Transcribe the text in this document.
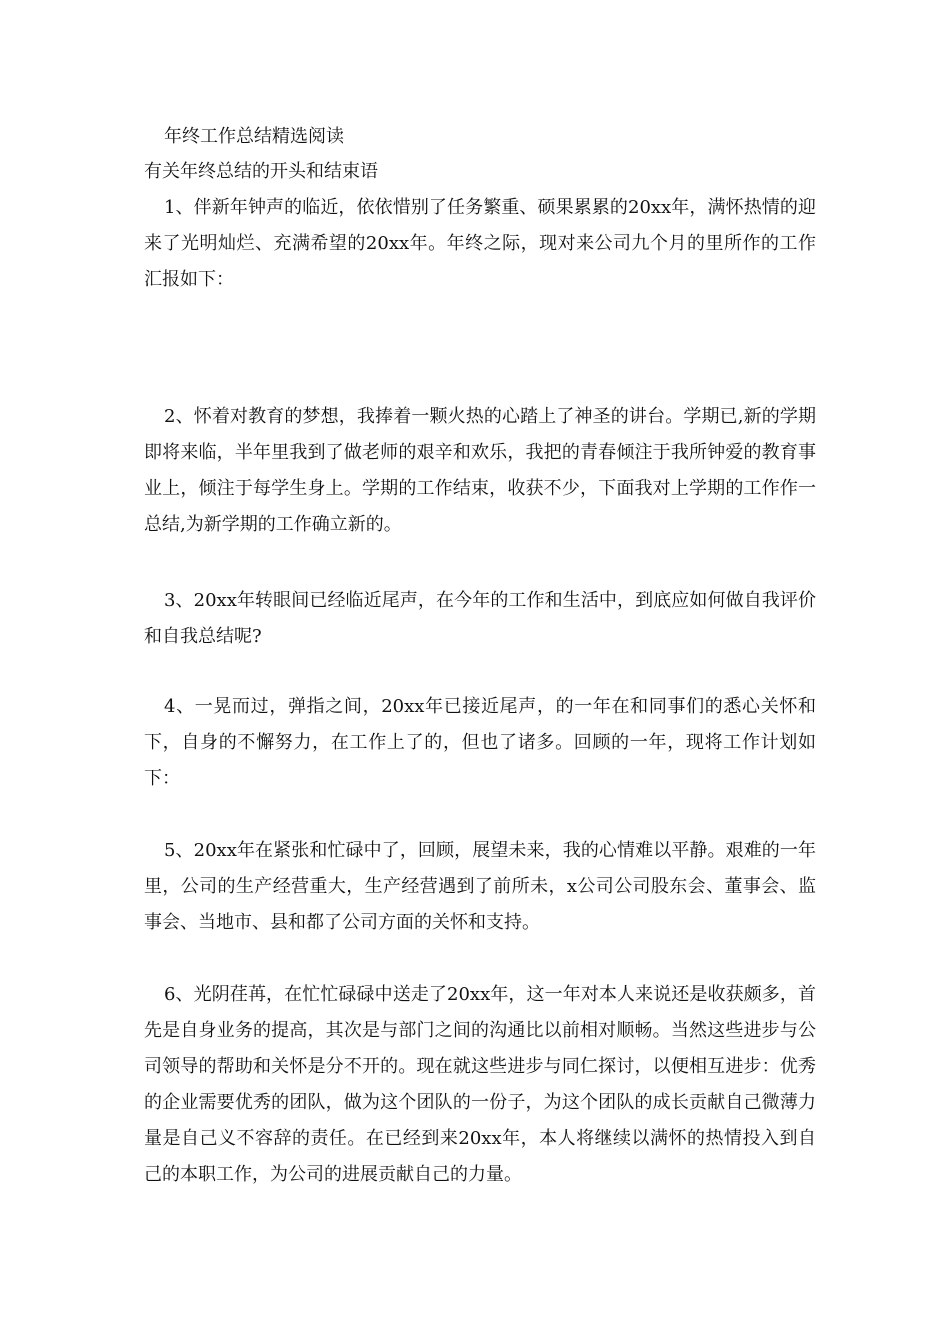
年终工作总结精选阅读
有关年终总结的开头和结束语
1、伴新年钟声的临近，依依惜别了任务繁重、硕果累累的20xx年，满怀热情的迎来了光明灿烂、充满希望的20xx年。年终之际，现对来公司九个月的里所作的工作汇报如下：
2、怀着对教育的梦想，我捧着一颗火热的心踏上了神圣的讲台。学期已,新的学期即将来临，半年里我到了做老师的艰辛和欢乐，我把的青春倾注于我所钟爱的教育事业上，倾注于每学生身上。学期的工作结束，收获不少，下面我对上学期的工作作一总结,为新学期的工作确立新的。
3、20xx年转眼间已经临近尾声，在今年的工作和生活中，到底应如何做自我评价和自我总结呢?
4、一晃而过，弹指之间，20xx年已接近尾声，的一年在和同事们的悉心关怀和下，自身的不懈努力，在工作上了的，但也了诸多。回顾的一年，现将工作计划如下：
5、20xx年在紧张和忙碌中了，回顾，展望未来，我的心情难以平静。艰难的一年里，公司的生产经营重大，生产经营遇到了前所未，x公司公司股东会、董事会、监事会、当地市、县和都了公司方面的关怀和支持。
6、光阴荏苒，在忙忙碌碌中送走了20xx年，这一年对本人来说还是收获颇多，首先是自身业务的提高，其次是与部门之间的沟通比以前相对顺畅。当然这些进步与公司领导的帮助和关怀是分不开的。现在就这些进步与同仁探讨，以便相互进步：优秀的企业需要优秀的团队，做为这个团队的一份子，为这个团队的成长贡献自己微薄力量是自己义不容辞的责任。在已经到来20xx年，本人将继续以满怀的热情投入到自己的本职工作，为公司的进展贡献自己的力量。
